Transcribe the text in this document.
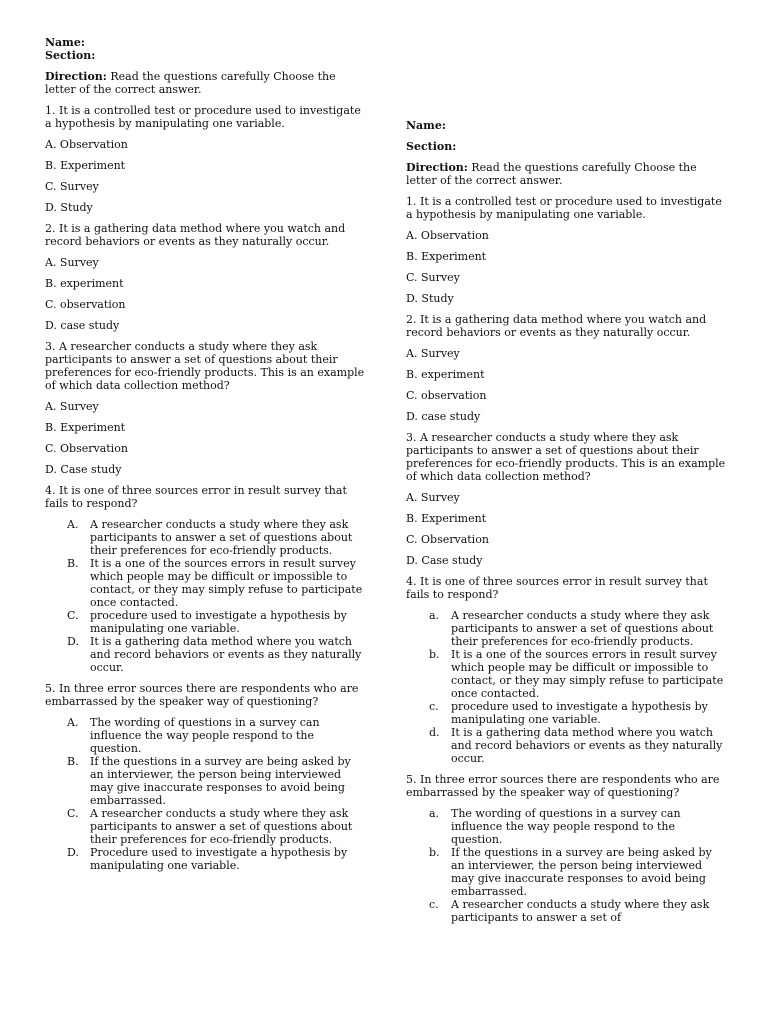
Name:
Section:
Direction: Read the questions carefully Choose the letter of the correct answer.
1. It is a controlled test or procedure used to investigate a hypothesis by manipulating one variable.
A. Observation
B. Experiment
C. Survey
D. Study
2. It is a gathering data method where you watch and record behaviors or events as they naturally occur.
A. Survey
B. experiment
C. observation
D. case study
3. A researcher conducts a study where they ask participants to answer a set of questions about their preferences for eco-friendly products. This is an example of which data collection method?
A. Survey
B. Experiment
C. Observation
D. Case study
4. It is one of three sources error in result survey that fails to respond?
A. A researcher conducts a study where they ask participants to answer a set of questions about their preferences for eco-friendly products.
B. It is a one of the sources errors in result survey which people may be difficult or impossible to contact, or they may simply refuse to participate once contacted.
C. procedure used to investigate a hypothesis by manipulating one variable.
D. It is a gathering data method where you watch and record behaviors or events as they naturally occur.
5. In three error sources there are respondents who are embarrassed by the speaker way of questioning?
A. The wording of questions in a survey can influence the way people respond to the question.
B. If the questions in a survey are being asked by an interviewer, the person being interviewed may give inaccurate responses to avoid being embarrassed.
C. A researcher conducts a study where they ask participants to answer a set of questions about their preferences for eco-friendly products.
D. Procedure used to investigate a hypothesis by manipulating one variable.
Name:
Section:
Direction: Read the questions carefully Choose the letter of the correct answer.
1. It is a controlled test or procedure used to investigate a hypothesis by manipulating one variable.
A. Observation
B. Experiment
C. Survey
D. Study
2. It is a gathering data method where you watch and record behaviors or events as they naturally occur.
A. Survey
B. experiment
C. observation
D. case study
3. A researcher conducts a study where they ask participants to answer a set of questions about their preferences for eco-friendly products. This is an example of which data collection method?
A. Survey
B. Experiment
C. Observation
D. Case study
4. It is one of three sources error in result survey that fails to respond?
a. A researcher conducts a study where they ask participants to answer a set of questions about their preferences for eco-friendly products.
b. It is a one of the sources errors in result survey which people may be difficult or impossible to contact, or they may simply refuse to participate once contacted.
c. procedure used to investigate a hypothesis by manipulating one variable.
d. It is a gathering data method where you watch and record behaviors or events as they naturally occur.
5. In three error sources there are respondents who are embarrassed by the speaker way of questioning?
a. The wording of questions in a survey can influence the way people respond to the question.
b. If the questions in a survey are being asked by an interviewer, the person being interviewed may give inaccurate responses to avoid being embarrassed.
c. A researcher conducts a study where they ask participants to answer a set of
